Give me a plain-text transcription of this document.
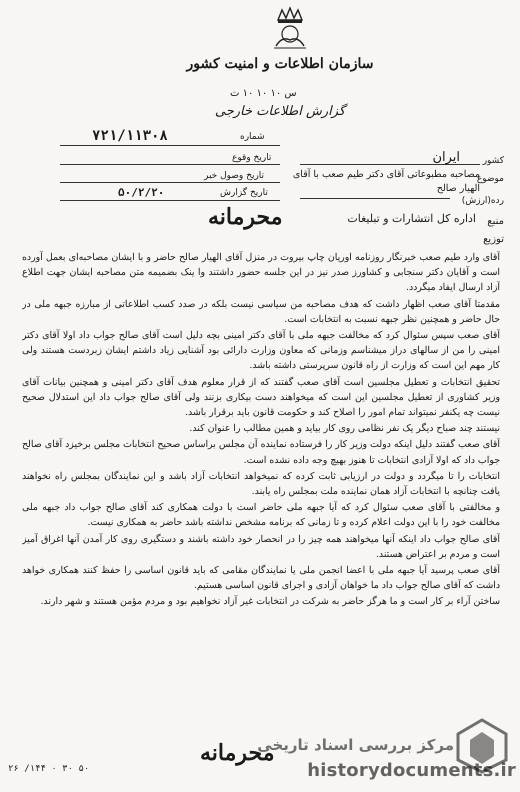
سازمان اطلاعات و امنیت کشور
س ۱۰ ۱۰ ۱۰ ت
گزارش اطلاعات خارجی
۷۲۱/۱۱۳۰۸	شماره
تاریخ وقوع
تاریخ وصول خبر
تاریخ گزارش
۵۰/۲/۲۰
کشور
ایران
موضوع
مصاحبه مطبوعاتی آقای دکتر طیم صعب با آقای الهیار صالح
رده(ارزش)
منبع
اداره کل انتشارات و تبلیغات
محرمانه
توزیع

آقای وارد طیم صعب خبرنگار روزنامه اوریان چاپ بیروت در منزل آقای الهیار صالح حاضر و با ایشان مصاحبه‌ای بعمل آورده است و آقایان دکتر سنجابی و کشاورز صدر نیز در این جلسه حضور داشتند وا ینک بضمیمه متن مصاحبه ایشان جهت اطلاع آزاد ارسال ایفاد میگردد.

مقدمتا آقای صعب اظهار داشت که هدف مصاحبه من سیاسی نیست بلکه در صدد کسب اطلاعاتی از مبارزه جبهه ملی در حال حاضر و همچنین نظر جبهه نسبت به انتخابات است.

آقای صعب سپس سئوال کرد که مخالفت جبهه ملی با آقای دکتر امینی بچه دلیل است آقای صالح جواب داد اولا آقای دکتر امینی را من از سالهای دراز میشناسم وزمانی که معاون وزارت دارائی بود آشنایی زیاد داشتم ایشان زبردست هستند ولی کار مهم این است که وزارت از راه قانون سرپرستی داشته باشد.

تحقیق انتخابات و تعطیل مجلسین است آقای صعب گفتند که از قرار معلوم هدف آقای دکتر امینی و همچنین بیانات آقای وزیر کشاوری از تعطیل مجلسین این است که میخواهند دست بیکاری بزنند ولی آقای صالح جواب داد این استدلال صحیح نیست چه یکنفر نمیتواند تمام امور را اصلاح کند و حکومت قانون باید برقرار باشد.

نیستند چند صباح دیگر یک نفر نظامی روی کار بیاید و همین مطالب را عنوان کند.

آقای صعب گفتند دلیل اینکه دولت وزیر کار را فرستاده نماینده آن مجلس براساس صحیح انتخابات مجلس برخیزد آقای صالح جواب داد که اولا آزادی انتخابات تا هنوز بهیچ وجه داده نشده است.

انتخابات را تا میگردد و دولت در ارزیابی ثابت کرده که نمیخواهد انتخابات آزاد باشد و این نمایندگان بمجلس راه نخواهند یافت چنانچه با انتخابات آزاد همان نماینده ملت بمجلس راه یابند.

و مخالفتی با آقای صعب سئوال کرد که آیا جبهه ملی حاضر است با دولت همکاری کند آقای صالح جواب داد جبهه ملی مخالفت خود را با این دولت اعلام کرده و تا زمانی که برنامه مشخص نداشته باشد حاضر به همکاری نیست.

آقای صالح جواب داد اینکه آنها میخواهند همه چیز را در انحصار خود داشته باشند و دستگیری روی کار آمدن آنها اغراق آمیز است و مردم بر اعتراض هستند.

آقای صعب پرسید آیا جبهه ملی با اعضا انجمن ملی یا نمایندگان مقامی که باید قانون اساسی را حفظ کنند همکاری خواهد داشت که آقای صالح جواب داد ما خواهان آزادی و اجرای قانون اساسی هستیم.

ساختن آراء بر کار است و ما هرگز حاضر به شرکت در انتخابات غیر آزاد نخواهیم بود و مردم مؤمن هستند و شهر دارند.

محرمانه
۲۶ /۱۴۴ ۰ ۳۰ ۵۰
مرکز بررسی اسناد تاریخی
historydocuments.ir
